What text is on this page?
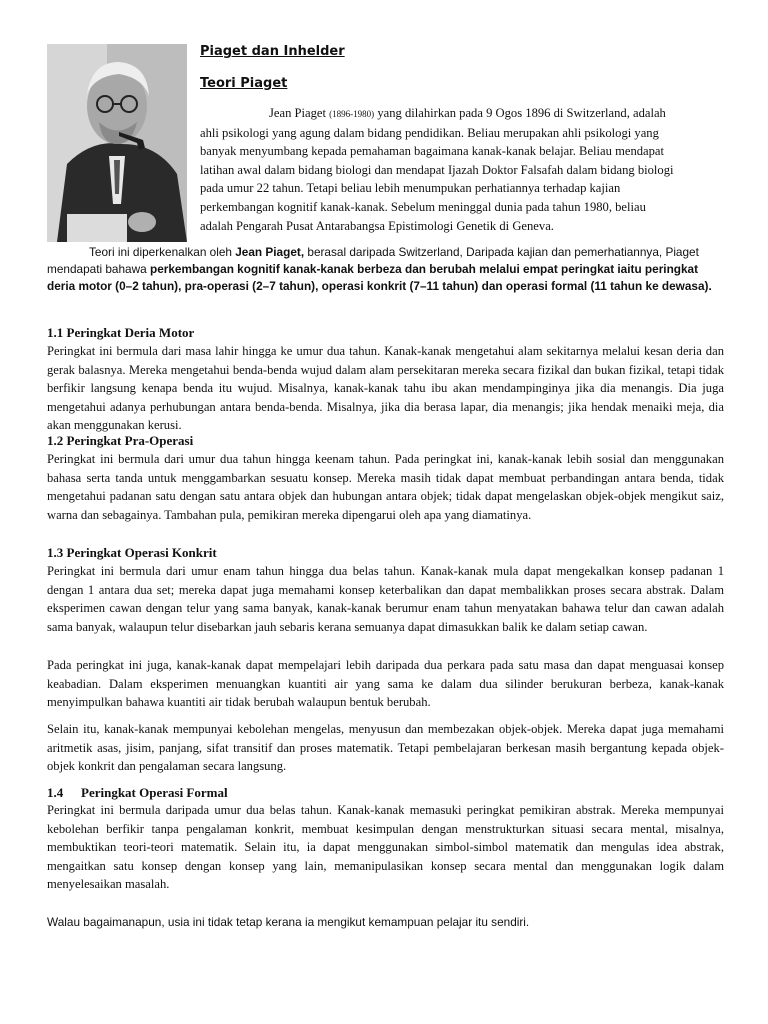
Piaget dan Inhelder
Teori Piaget

Jean Piaget (1896-1980) yang dilahirkan pada 9 Ogos 1896 di Switzerland, adalah
ahli psikologi yang agung dalam bidang pendidikan. Beliau merupakan ahli psikologi yang
banyak menyumbang kepada pemahaman bagaimana kanak-kanak belajar. Beliau mendapat
latihan awal dalam bidang biologi dan mendapat Ijazah Doktor Falsafah dalam bidang biologi
pada umur 22 tahun. Tetapi beliau lebih menumpukan perhatiannya terhadap kajian
perkembangan kognitif kanak-kanak. Sebelum meninggal dunia pada tahun 1980, beliau
adalah Pengarah Pusat Antarabangsa Epistimologi Genetik di Geneva.

Teori ini diperkenalkan oleh Jean Piaget, berasal daripada Switzerland, Daripada kajian dan pemerhatiannya, Piaget mendapati bahawa perkembangan kognitif kanak-kanak berbeza dan berubah melalui empat peringkat iaitu peringkat deria motor (0–2 tahun), pra-operasi (2–7 tahun), operasi konkrit (7–11 tahun) dan operasi formal (11 tahun ke dewasa).

1.1 Peringkat Deria Motor

Peringkat ini bermula dari masa lahir hingga ke umur dua tahun. Kanak-kanak mengetahui alam sekitarnya melalui kesan deria dan gerak balasnya. Mereka mengetahui benda-benda wujud dalam alam persekitaran mereka secara fizikal dan bukan fizikal, tetapi tidak berfikir langsung kenapa benda itu wujud. Misalnya, kanak-kanak tahu ibu akan mendampinginya jika dia menangis. Dia juga mengetahui adanya perhubungan antara benda-benda. Misalnya, jika dia berasa lapar, dia menangis; jika hendak menaiki meja, dia akan menggunakan kerusi.

1.2 Peringkat Pra-Operasi

Peringkat ini bermula dari umur dua tahun hingga keenam tahun. Pada peringkat ini, kanak-kanak lebih sosial dan menggunakan bahasa serta tanda untuk menggambarkan sesuatu konsep. Mereka masih tidak dapat membuat perbandingan antara benda, tidak mengetahui padanan satu dengan satu antara objek dan hubungan antara objek; tidak dapat mengelaskan objek-objek mengikut saiz, warna dan sebagainya. Tambahan pula, pemikiran mereka dipengarui oleh apa yang diamatinya.

1.3 Peringkat Operasi Konkrit

Peringkat ini bermula dari umur enam tahun hingga dua belas tahun. Kanak-kanak mula dapat mengekalkan konsep padanan 1 dengan 1 antara dua set; mereka dapat juga memahami konsep keterbalikan dan dapat membalikkan proses secara abstrak. Dalam eksperimen cawan dengan telur yang sama banyak, kanak-kanak berumur enam tahun menyatakan bahawa telur dan cawan adalah sama banyak, walaupun telur disebarkan jauh sebaris kerana semuanya dapat dimasukkan balik ke dalam setiap cawan.

Pada peringkat ini juga, kanak-kanak dapat mempelajari lebih daripada dua perkara pada satu masa dan dapat menguasai konsep keabadian. Dalam eksperimen menuangkan kuantiti air yang sama ke dalam dua silinder berukuran berbeza, kanak-kanak menyimpulkan bahawa kuantiti air tidak berubah walaupun bentuk berubah.

Selain itu, kanak-kanak mempunyai kebolehan mengelas, menyusun dan membezakan objek-objek. Mereka dapat juga memahami aritmetik asas, jisim, panjang, sifat transitif dan proses matematik. Tetapi pembelajaran berkesan masih bergantung kepada objek-objek konkrit dan pengalaman secara langsung.

1.4 Peringkat Operasi Formal

Peringkat ini bermula daripada umur dua belas tahun. Kanak-kanak memasuki peringkat pemikiran abstrak. Mereka mempunyai kebolehan berfikir tanpa pengalaman konkrit, membuat kesimpulan dengan menstrukturkan situasi secara mental, misalnya, membuktikan teori-teori matematik. Selain itu, ia dapat menggunakan simbol-simbol matematik dan mengulas idea abstrak, mengaitkan satu konsep dengan konsep yang lain, memanipulasikan konsep secara mental dan menggunakan logik dalam menyelesaikan masalah.

Walau bagaimanapun, usia ini tidak tetap kerana ia mengikut kemampuan pelajar itu sendiri.
